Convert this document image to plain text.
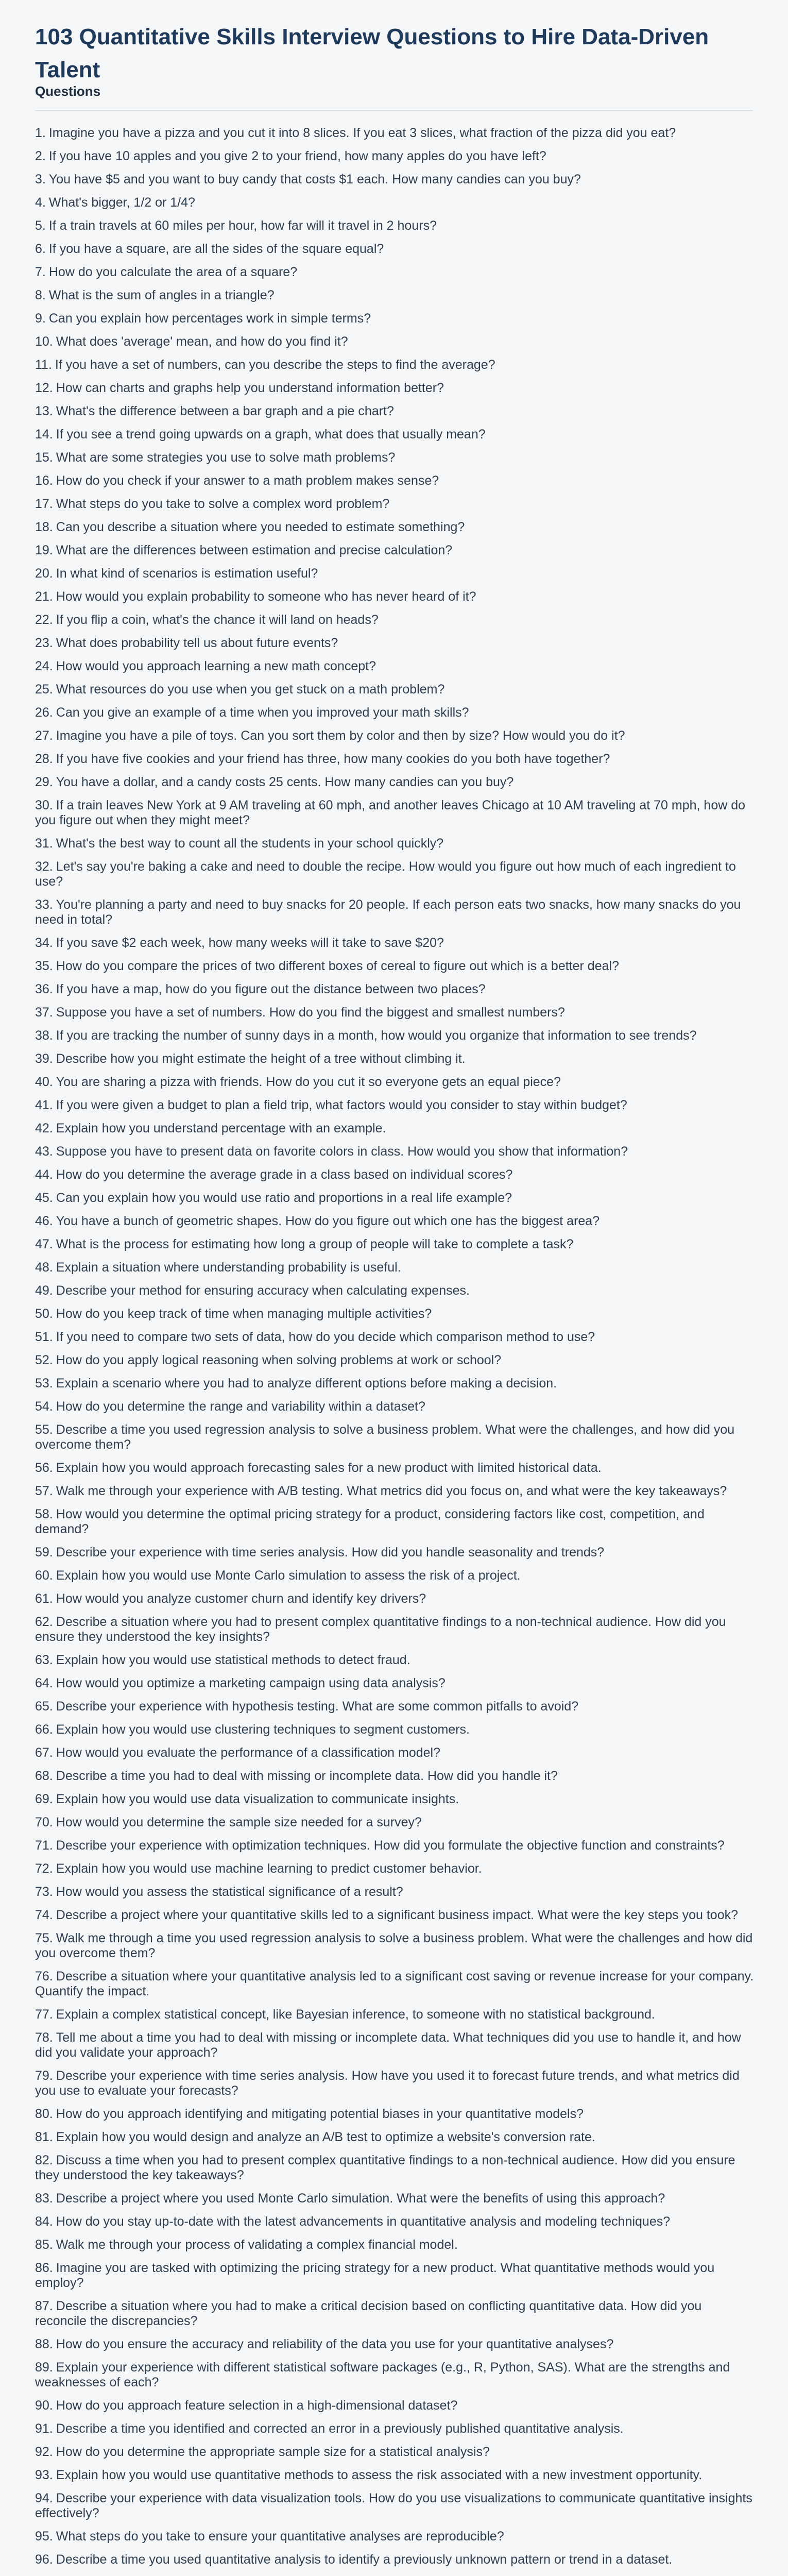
103 Quantitative Skills Interview Questions to Hire Data-Driven Talent
Questions
1. Imagine you have a pizza and you cut it into 8 slices. If you eat 3 slices, what fraction of the pizza did you eat?
2. If you have 10 apples and you give 2 to your friend, how many apples do you have left?
3. You have $5 and you want to buy candy that costs $1 each. How many candies can you buy?
4. What's bigger, 1/2 or 1/4?
5. If a train travels at 60 miles per hour, how far will it travel in 2 hours?
6. If you have a square, are all the sides of the square equal?
7. How do you calculate the area of a square?
8. What is the sum of angles in a triangle?
9. Can you explain how percentages work in simple terms?
10. What does 'average' mean, and how do you find it?
11. If you have a set of numbers, can you describe the steps to find the average?
12. How can charts and graphs help you understand information better?
13. What's the difference between a bar graph and a pie chart?
14. If you see a trend going upwards on a graph, what does that usually mean?
15. What are some strategies you use to solve math problems?
16. How do you check if your answer to a math problem makes sense?
17. What steps do you take to solve a complex word problem?
18. Can you describe a situation where you needed to estimate something?
19. What are the differences between estimation and precise calculation?
20. In what kind of scenarios is estimation useful?
21. How would you explain probability to someone who has never heard of it?
22. If you flip a coin, what's the chance it will land on heads?
23. What does probability tell us about future events?
24. How would you approach learning a new math concept?
25. What resources do you use when you get stuck on a math problem?
26. Can you give an example of a time when you improved your math skills?
27. Imagine you have a pile of toys. Can you sort them by color and then by size? How would you do it?
28. If you have five cookies and your friend has three, how many cookies do you both have together?
29. You have a dollar, and a candy costs 25 cents. How many candies can you buy?
30. If a train leaves New York at 9 AM traveling at 60 mph, and another leaves Chicago at 10 AM traveling at 70 mph, how do you figure out when they might meet?
31. What's the best way to count all the students in your school quickly?
32. Let's say you're baking a cake and need to double the recipe. How would you figure out how much of each ingredient to use?
33. You're planning a party and need to buy snacks for 20 people. If each person eats two snacks, how many snacks do you need in total?
34. If you save $2 each week, how many weeks will it take to save $20?
35. How do you compare the prices of two different boxes of cereal to figure out which is a better deal?
36. If you have a map, how do you figure out the distance between two places?
37. Suppose you have a set of numbers. How do you find the biggest and smallest numbers?
38. If you are tracking the number of sunny days in a month, how would you organize that information to see trends?
39. Describe how you might estimate the height of a tree without climbing it.
40. You are sharing a pizza with friends. How do you cut it so everyone gets an equal piece?
41. If you were given a budget to plan a field trip, what factors would you consider to stay within budget?
42. Explain how you understand percentage with an example.
43. Suppose you have to present data on favorite colors in class. How would you show that information?
44. How do you determine the average grade in a class based on individual scores?
45. Can you explain how you would use ratio and proportions in a real life example?
46. You have a bunch of geometric shapes. How do you figure out which one has the biggest area?
47. What is the process for estimating how long a group of people will take to complete a task?
48. Explain a situation where understanding probability is useful.
49. Describe your method for ensuring accuracy when calculating expenses.
50. How do you keep track of time when managing multiple activities?
51. If you need to compare two sets of data, how do you decide which comparison method to use?
52. How do you apply logical reasoning when solving problems at work or school?
53. Explain a scenario where you had to analyze different options before making a decision.
54. How do you determine the range and variability within a dataset?
55. Describe a time you used regression analysis to solve a business problem. What were the challenges, and how did you overcome them?
56. Explain how you would approach forecasting sales for a new product with limited historical data.
57. Walk me through your experience with A/B testing. What metrics did you focus on, and what were the key takeaways?
58. How would you determine the optimal pricing strategy for a product, considering factors like cost, competition, and demand?
59. Describe your experience with time series analysis. How did you handle seasonality and trends?
60. Explain how you would use Monte Carlo simulation to assess the risk of a project.
61. How would you analyze customer churn and identify key drivers?
62. Describe a situation where you had to present complex quantitative findings to a non-technical audience. How did you ensure they understood the key insights?
63. Explain how you would use statistical methods to detect fraud.
64. How would you optimize a marketing campaign using data analysis?
65. Describe your experience with hypothesis testing. What are some common pitfalls to avoid?
66. Explain how you would use clustering techniques to segment customers.
67. How would you evaluate the performance of a classification model?
68. Describe a time you had to deal with missing or incomplete data. How did you handle it?
69. Explain how you would use data visualization to communicate insights.
70. How would you determine the sample size needed for a survey?
71. Describe your experience with optimization techniques. How did you formulate the objective function and constraints?
72. Explain how you would use machine learning to predict customer behavior.
73. How would you assess the statistical significance of a result?
74. Describe a project where your quantitative skills led to a significant business impact. What were the key steps you took?
75. Walk me through a time you used regression analysis to solve a business problem. What were the challenges and how did you overcome them?
76. Describe a situation where your quantitative analysis led to a significant cost saving or revenue increase for your company. Quantify the impact.
77. Explain a complex statistical concept, like Bayesian inference, to someone with no statistical background.
78. Tell me about a time you had to deal with missing or incomplete data. What techniques did you use to handle it, and how did you validate your approach?
79. Describe your experience with time series analysis. How have you used it to forecast future trends, and what metrics did you use to evaluate your forecasts?
80. How do you approach identifying and mitigating potential biases in your quantitative models?
81. Explain how you would design and analyze an A/B test to optimize a website's conversion rate.
82. Discuss a time when you had to present complex quantitative findings to a non-technical audience. How did you ensure they understood the key takeaways?
83. Describe a project where you used Monte Carlo simulation. What were the benefits of using this approach?
84. How do you stay up-to-date with the latest advancements in quantitative analysis and modeling techniques?
85. Walk me through your process of validating a complex financial model.
86. Imagine you are tasked with optimizing the pricing strategy for a new product. What quantitative methods would you employ?
87. Describe a situation where you had to make a critical decision based on conflicting quantitative data. How did you reconcile the discrepancies?
88. How do you ensure the accuracy and reliability of the data you use for your quantitative analyses?
89. Explain your experience with different statistical software packages (e.g., R, Python, SAS). What are the strengths and weaknesses of each?
90. How do you approach feature selection in a high-dimensional dataset?
91. Describe a time you identified and corrected an error in a previously published quantitative analysis.
92. How do you determine the appropriate sample size for a statistical analysis?
93. Explain how you would use quantitative methods to assess the risk associated with a new investment opportunity.
94. Describe your experience with data visualization tools. How do you use visualizations to communicate quantitative insights effectively?
95. What steps do you take to ensure your quantitative analyses are reproducible?
96. Describe a time you used quantitative analysis to identify a previously unknown pattern or trend in a dataset.
